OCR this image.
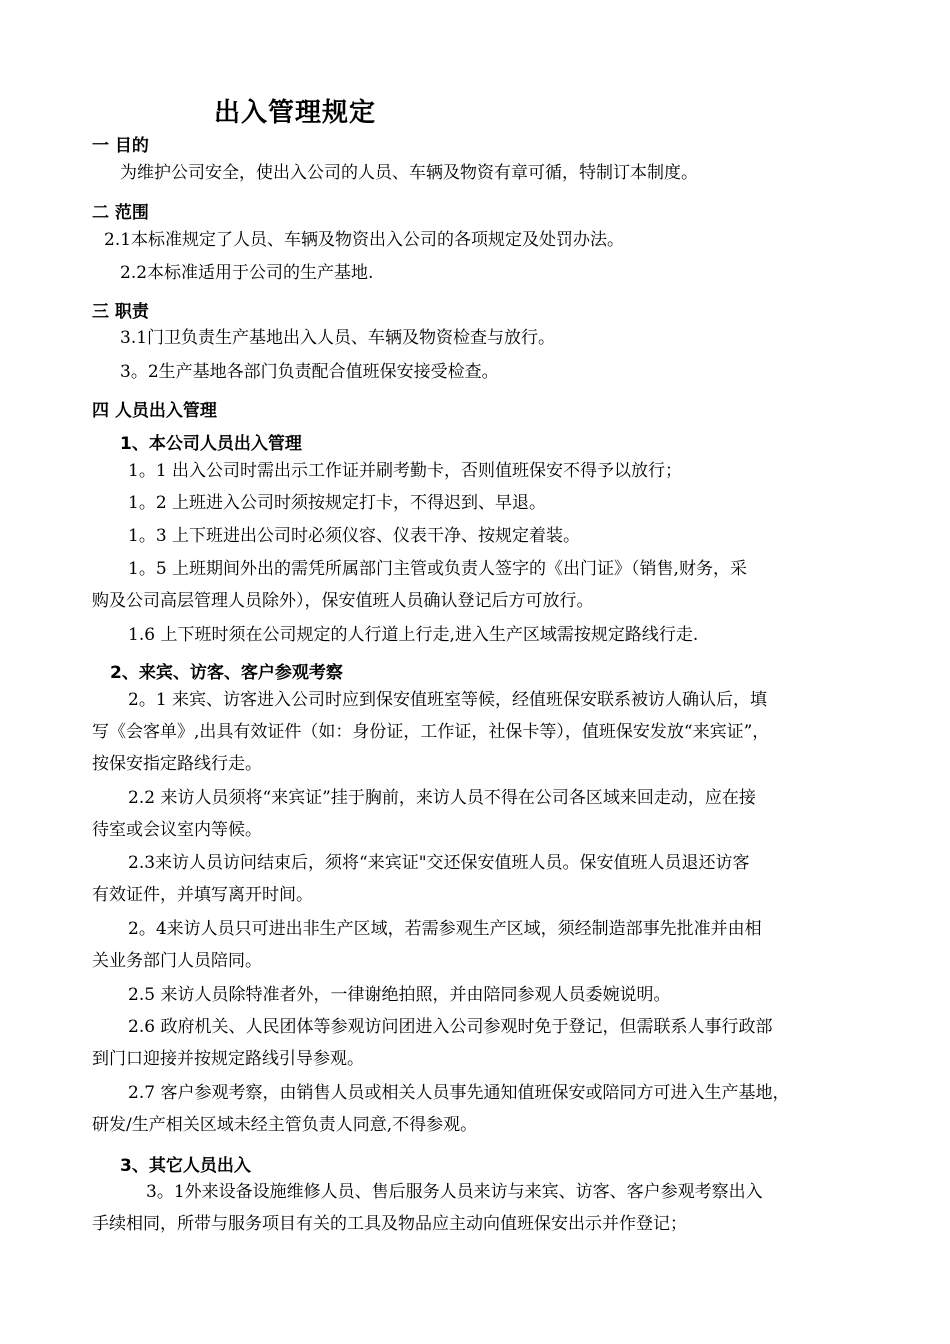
出入管理规定
一 目的
为维护公司安全，使出入公司的人员、车辆及物资有章可循，特制订本制度。
二 范围
2.1本标准规定了人员、车辆及物资出入公司的各项规定及处罚办法。
2.2本标准适用于公司的生产基地.
三 职责
3.1门卫负责生产基地出入人员、车辆及物资检查与放行。
3。2生产基地各部门负责配合值班保安接受检查。
四 人员出入管理
1、本公司人员出入管理
1。1 出入公司时需出示工作证并刷考勤卡，否则值班保安不得予以放行；
1。2 上班进入公司时须按规定打卡，不得迟到、早退。
1。3 上下班进出公司时必须仪容、仪表干净、按规定着装。
1。5 上班期间外出的需凭所属部门主管或负责人签字的《出门证》（销售,财务，采
购及公司高层管理人员除外），保安值班人员确认登记后方可放行。
1.6 上下班时须在公司规定的人行道上行走,进入生产区域需按规定路线行走.
2、来宾、访客、客户参观考察
2。1 来宾、访客进入公司时应到保安值班室等候，经值班保安联系被访人确认后，填
写《会客单》,出具有效证件（如：身份证，工作证，社保卡等），值班保安发放“来宾证”，
按保安指定路线行走。
2.2 来访人员须将“来宾证”挂于胸前，来访人员不得在公司各区域来回走动，应在接
待室或会议室内等候。
2.3来访人员访问结束后，须将“来宾证"交还保安值班人员。保安值班人员退还访客
有效证件，并填写离开时间。
2。4来访人员只可进出非生产区域，若需参观生产区域，须经制造部事先批准并由相
关业务部门人员陪同。
2.5 来访人员除特准者外，一律谢绝拍照，并由陪同参观人员委婉说明。
2.6 政府机关、人民团体等参观访问团进入公司参观时免于登记，但需联系人事行政部
到门口迎接并按规定路线引导参观。
2.7 客户参观考察，由销售人员或相关人员事先通知值班保安或陪同方可进入生产基地，
研发/生产相关区域未经主管负责人同意,不得参观。
3、其它人员出入
3。1外来设备设施维修人员、售后服务人员来访与来宾、访客、客户参观考察出入
手续相同，所带与服务项目有关的工具及物品应主动向值班保安出示并作登记；
